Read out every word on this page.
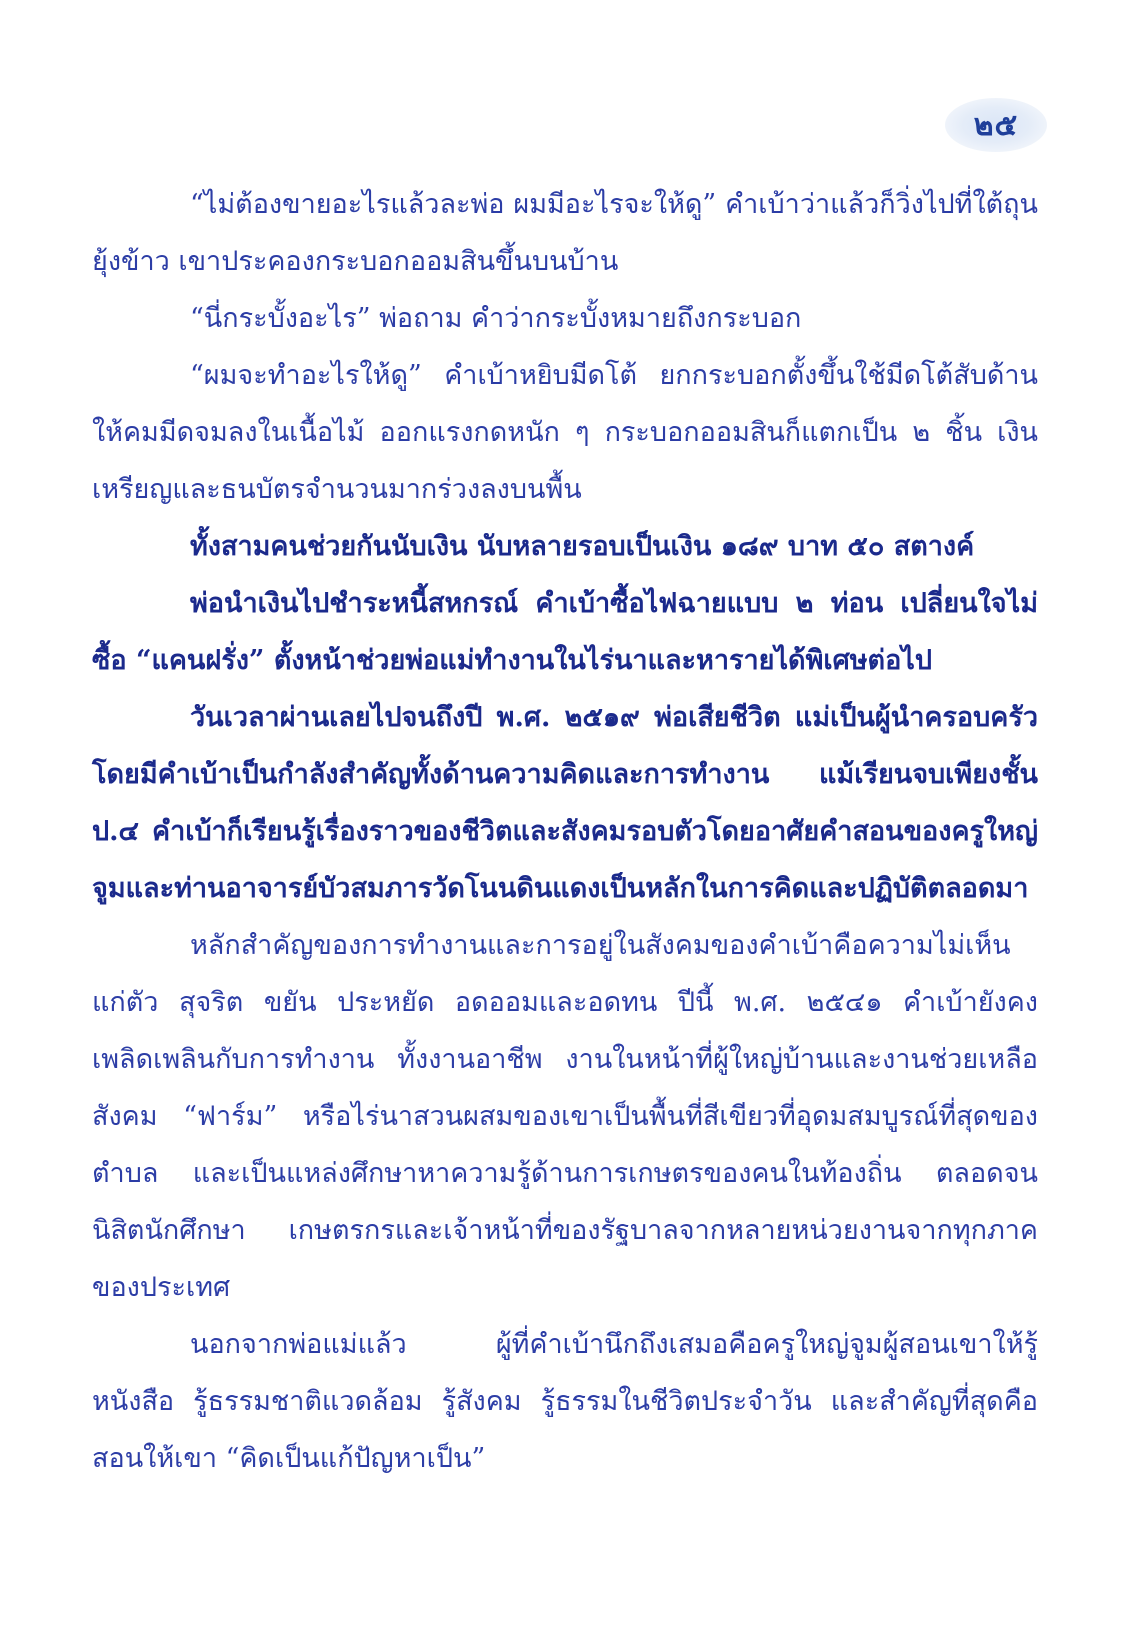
๒๕

“ไม่ต้องขายอะไรแล้วละพ่อ ผมมีอะไรจะให้ดู” คำเบ้าว่าแล้วก็วิ่งไปที่ใต้ถุนยุ้งข้าว เขาประคองกระบอกออมสินขึ้นบนบ้าน

“นี่กระบั้งอะไร” พ่อถาม คำว่ากระบั้งหมายถึงกระบอก

“ผมจะทำอะไรให้ดู” คำเบ้าหยิบมีดโต้ ยกกระบอกตั้งขึ้นใช้มีดโต้สับด้านให้คมมีดจมลงในเนื้อไม้ ออกแรงกดหนัก ๆ กระบอกออมสินก็แตกเป็น ๒ ชิ้น เงินเหรียญและธนบัตรจำนวนมากร่วงลงบนพื้น

ทั้งสามคนช่วยกันนับเงิน นับหลายรอบเป็นเงิน ๑๘๙ บาท ๕๐ สตางค์

พ่อนำเงินไปชำระหนี้สหกรณ์ คำเบ้าซื้อไฟฉายแบบ ๒ ท่อน เปลี่ยนใจไม่ซื้อ “แคนฝรั่ง” ตั้งหน้าช่วยพ่อแม่ทำงานในไร่นาและหารายได้พิเศษต่อไป

วันเวลาผ่านเลยไปจนถึงปี พ.ศ. ๒๕๑๙ พ่อเสียชีวิต แม่เป็นผู้นำครอบครัวโดยมีคำเบ้าเป็นกำลังสำคัญทั้งด้านความคิดและการทำงาน แม้เรียนจบเพียงชั้น ป.๔ คำเบ้าก็เรียนรู้เรื่องราวของชีวิตและสังคมรอบตัวโดยอาศัยคำสอนของครูใหญ่จูมและท่านอาจารย์บัวสมภารวัดโนนดินแดงเป็นหลักในการคิดและปฏิบัติตลอดมา

หลักสำคัญของการทำงานและการอยู่ในสังคมของคำเบ้าคือความไม่เห็นแก่ตัว สุจริต ขยัน ประหยัด อดออมและอดทน ปีนี้ พ.ศ. ๒๕๔๑ คำเบ้ายังคงเพลิดเพลินกับการทำงาน ทั้งงานอาชีพ งานในหน้าที่ผู้ใหญ่บ้านและงานช่วยเหลือสังคม “ฟาร์ม” หรือไร่นาสวนผสมของเขาเป็นพื้นที่สีเขียวที่อุดมสมบูรณ์ที่สุดของตำบล และเป็นแหล่งศึกษาหาความรู้ด้านการเกษตรของคนในท้องถิ่น ตลอดจนนิสิตนักศึกษา เกษตรกรและเจ้าหน้าที่ของรัฐบาลจากหลายหน่วยงานจากทุกภาคของประเทศ

นอกจากพ่อแม่แล้ว ผู้ที่คำเบ้านึกถึงเสมอคือครูใหญ่จูมผู้สอนเขาให้รู้หนังสือ รู้ธรรมชาติแวดล้อม รู้สังคม รู้ธรรมในชีวิตประจำวัน และสำคัญที่สุดคือสอนให้เขา “คิดเป็นแก้ปัญหาเป็น”
